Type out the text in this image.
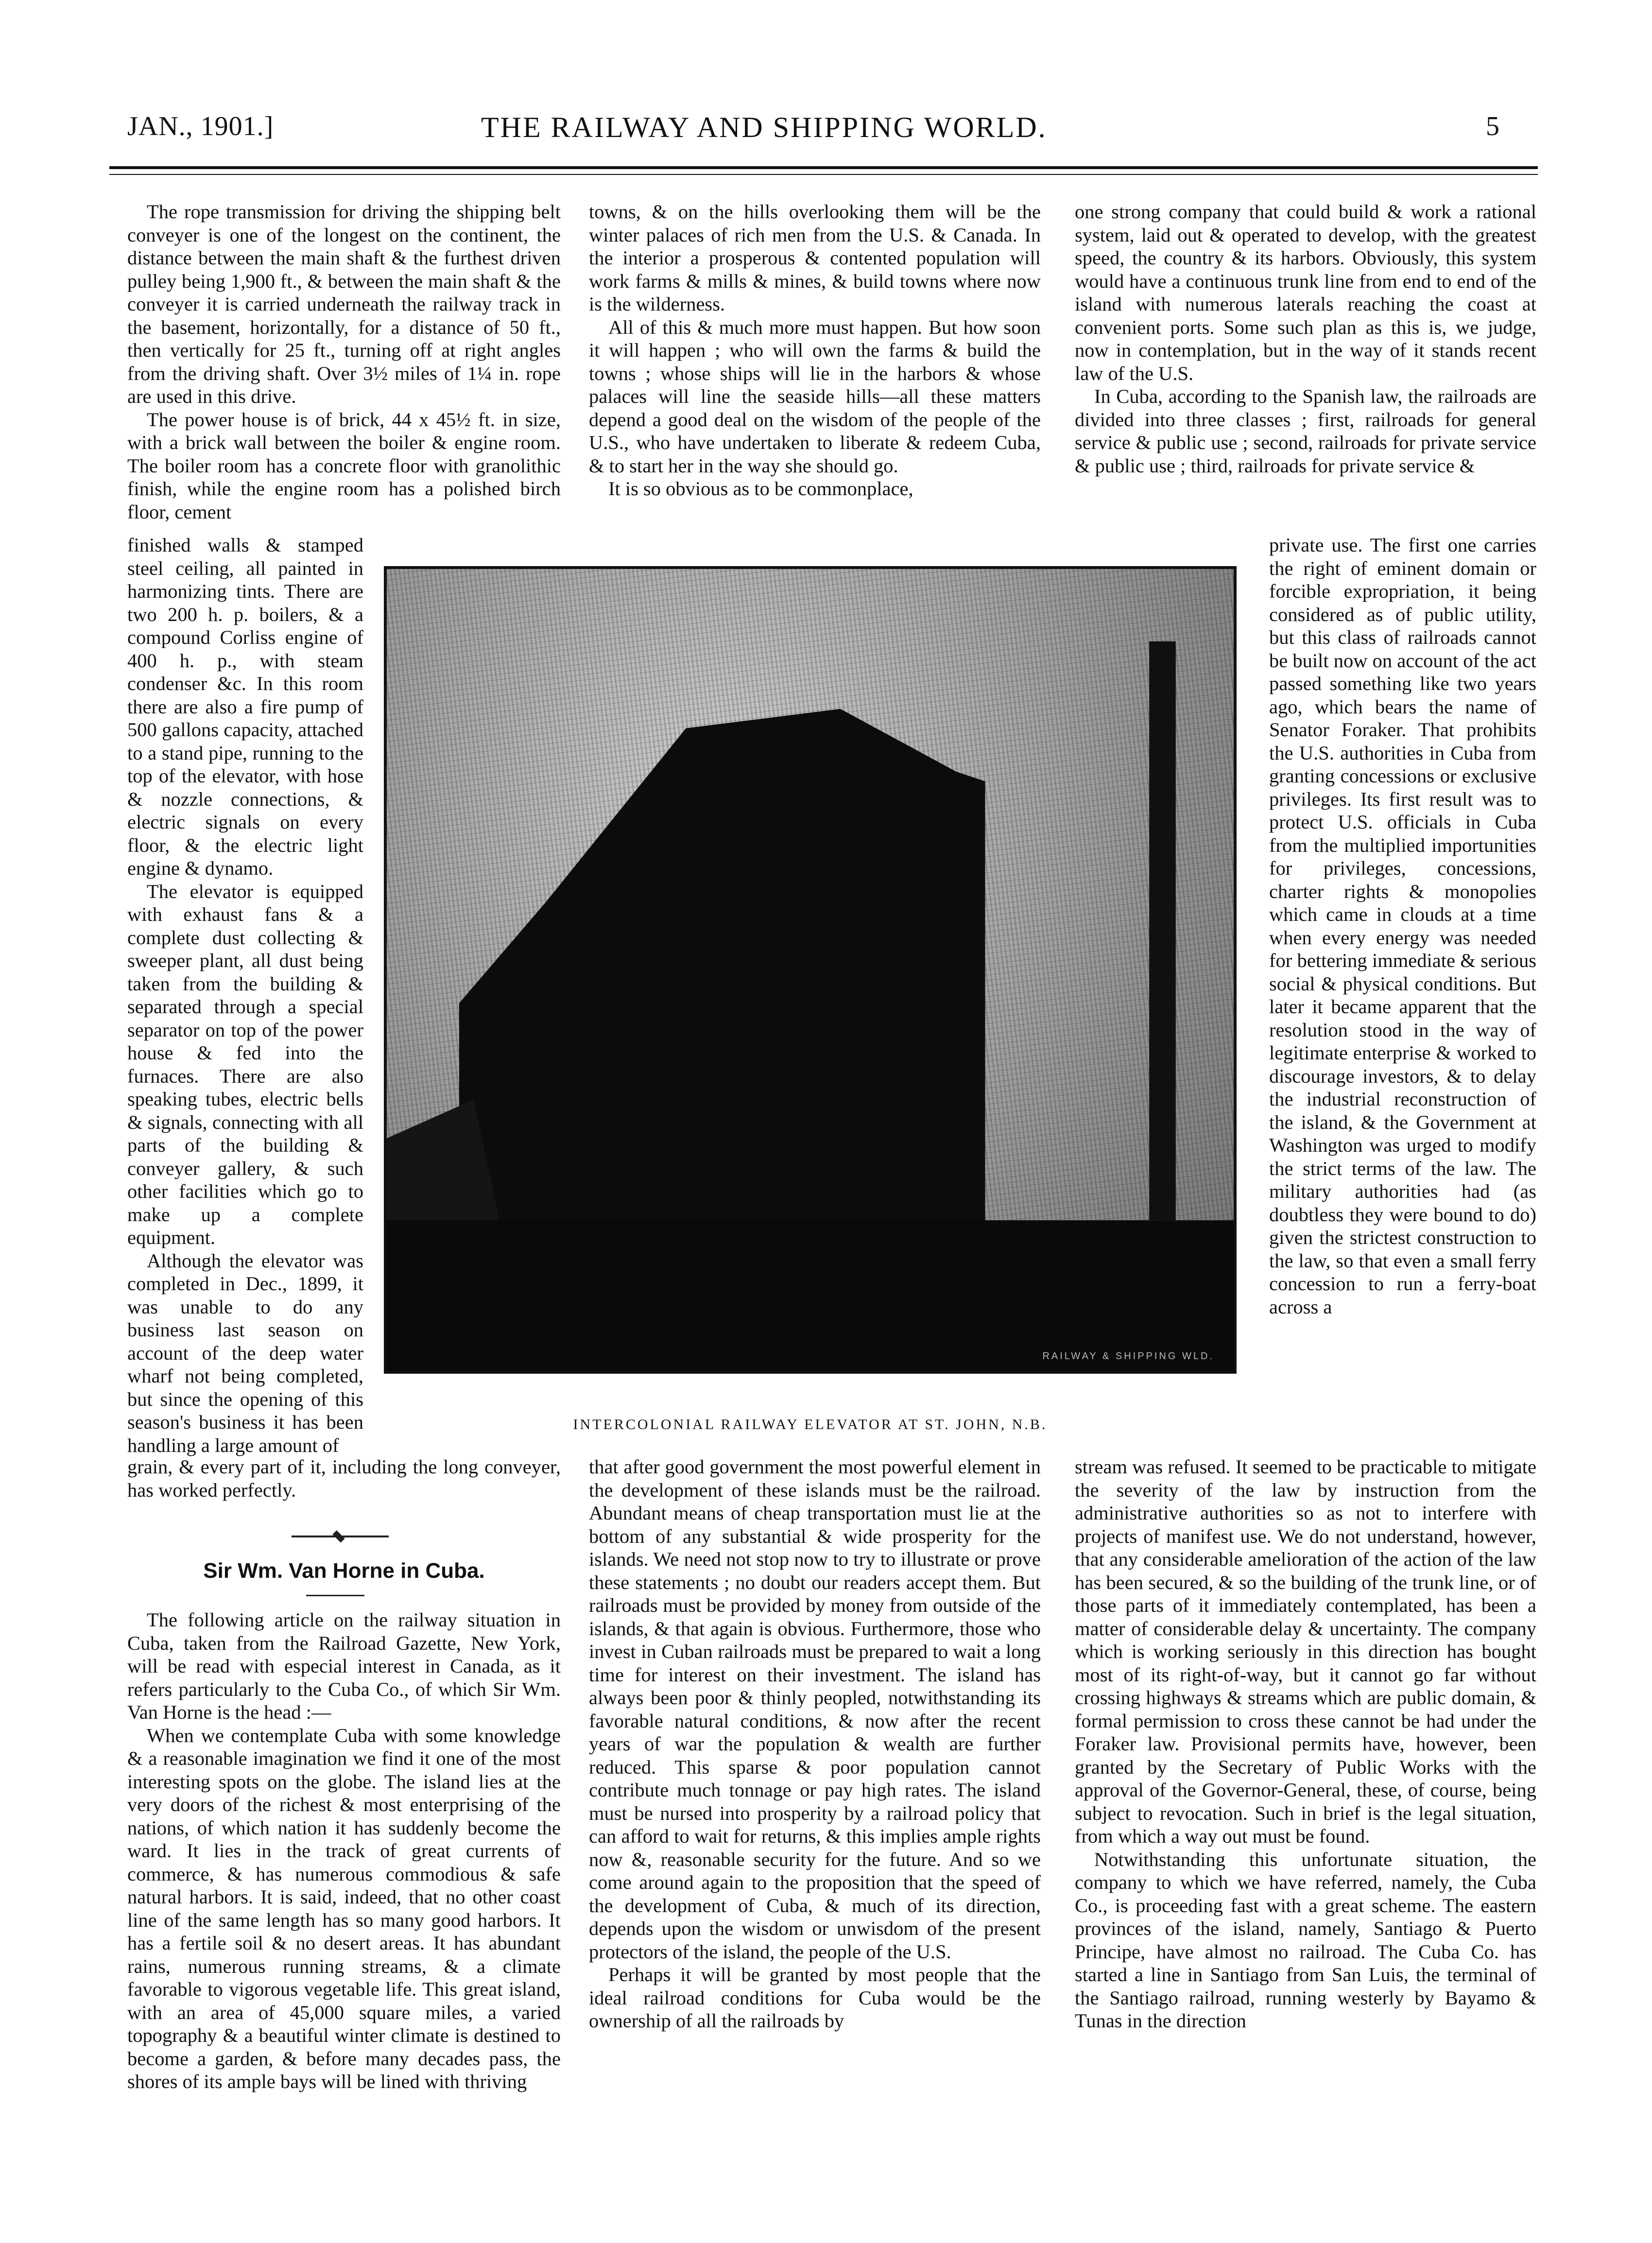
JAN., 1901.]	THE RAILWAY AND SHIPPING WORLD.	5

The rope transmission for driving the shipping belt conveyer is one of the longest on the continent, the distance between the main shaft & the furthest driven pulley being 1,900 ft., & between the main shaft & the conveyer it is carried underneath the railway track in the basement, horizontally, for a distance of 50 ft., then vertically for 25 ft., turning off at right angles from the driving shaft. Over 3½ miles of 1¼ in. rope are used in this drive.

The power house is of brick, 44 x 45½ ft. in size, with a brick wall between the boiler & engine room. The boiler room has a concrete floor with granolithic finish, while the engine room has a polished birch floor, cement

finished walls & stamped steel ceiling, all painted in harmonizing tints. There are two 200 h. p. boilers, & a compound Corliss engine of 400 h. p., with steam condenser &c. In this room there are also a fire pump of 500 gallons capacity, attached to a stand pipe, running to the top of the elevator, with hose & nozzle connections, & electric signals on every floor, & the electric light engine & dynamo.

The elevator is equipped with exhaust fans & a complete dust collecting & sweeper plant, all dust being taken from the building & separated through a special separator on top of the power house & fed into the furnaces. There are also speaking tubes, electric bells & signals, connecting with all parts of the building & conveyer gallery, & such other facilities which go to make up a complete equipment.

Although the elevator was completed in Dec., 1899, it was unable to do any business last season on account of the deep water wharf not being completed, but since the opening of this season's business it has been handling a large amount of

grain, & every part of it, including the long conveyer, has worked perfectly.

Sir Wm. Van Horne in Cuba.

The following article on the railway situation in Cuba, taken from the Railroad Gazette, New York, will be read with especial interest in Canada, as it refers particularly to the Cuba Co., of which Sir Wm. Van Horne is the head :—

When we contemplate Cuba with some knowledge & a reasonable imagination we find it one of the most interesting spots on the globe. The island lies at the very doors of the richest & most enterprising of the nations, of which nation it has suddenly become the ward. It lies in the track of great currents of commerce, & has numerous commodious & safe natural harbors. It is said, indeed, that no other coast line of the same length has so many good harbors. It has a fertile soil & no desert areas. It has abundant rains, numerous running streams, & a climate favorable to vigorous vegetable life. This great island, with an area of 45,000 square miles, a varied topography & a beautiful winter climate is destined to become a garden, & before many decades pass, the shores of its ample bays will be lined with thriving

towns, & on the hills overlooking them will be the winter palaces of rich men from the U.S. & Canada. In the interior a prosperous & contented population will work farms & mills & mines, & build towns where now is the wilderness.

All of this & much more must happen. But how soon it will happen ; who will own the farms & build the towns ; whose ships will lie in the harbors & whose palaces will line the seaside hills—all these matters depend a good deal on the wisdom of the people of the U.S., who have undertaken to liberate & redeem Cuba, & to start her in the way she should go.

It is so obvious as to be commonplace,

that after good government the most powerful element in the development of these islands must be the railroad. Abundant means of cheap transportation must lie at the bottom of any substantial & wide prosperity for the islands. We need not stop now to try to illustrate or prove these statements ; no doubt our readers accept them. But railroads must be provided by money from outside of the islands, & that again is obvious. Furthermore, those who invest in Cuban railroads must be prepared to wait a long time for interest on their investment. The island has always been poor & thinly peopled, notwithstanding its favorable natural conditions, & now after the recent years of war the population & wealth are further reduced. This sparse & poor population cannot contribute much tonnage or pay high rates. The island must be nursed into prosperity by a railroad policy that can afford to wait for returns, & this implies ample rights now &, reasonable security for the future. And so we come around again to the proposition that the speed of the development of Cuba, & much of its direction, depends upon the wisdom or unwisdom of the present protectors of the island, the people of the U.S.

Perhaps it will be granted by most people that the ideal railroad conditions for Cuba would be the ownership of all the railroads by

one strong company that could build & work a rational system, laid out & operated to develop, with the greatest speed, the country & its harbors. Obviously, this system would have a continuous trunk line from end to end of the island with numerous laterals reaching the coast at convenient ports. Some such plan as this is, we judge, now in contemplation, but in the way of it stands recent law of the U.S.

In Cuba, according to the Spanish law, the railroads are divided into three classes ; first, railroads for general service & public use ; second, railroads for private service & public use ; third, railroads for private service &

private use. The first one carries the right of eminent domain or forcible expropriation, it being considered as of public utility, but this class of railroads cannot be built now on account of the act passed something like two years ago, which bears the name of Senator Foraker. That prohibits the U.S. authorities in Cuba from granting concessions or exclusive privileges. Its first result was to protect U.S. officials in Cuba from the multiplied importunities for privileges, concessions, charter rights & monopolies which came in clouds at a time when every energy was needed for bettering immediate & serious social & physical conditions. But later it became apparent that the resolution stood in the way of legitimate enterprise & worked to discourage investors, & to delay the industrial reconstruction of the island, & the Government at Washington was urged to modify the strict terms of the law. The military authorities had (as doubtless they were bound to do) given the strictest construction to the law, so that even a small ferry concession to run a ferry-boat across a

stream was refused. It seemed to be practicable to mitigate the severity of the law by instruction from the administrative authorities so as not to interfere with projects of manifest use. We do not understand, however, that any considerable amelioration of the action of the law has been secured, & so the building of the trunk line, or of those parts of it immediately contemplated, has been a matter of considerable delay & uncertainty. The company which is working seriously in this direction has bought most of its right-of-way, but it cannot go far without crossing highways & streams which are public domain, & formal permission to cross these cannot be had under the Foraker law. Provisional permits have, however, been granted by the Secretary of Public Works with the approval of the Governor-General, these, of course, being subject to revocation. Such in brief is the legal situation, from which a way out must be found.

Notwithstanding this unfortunate situation, the company to which we have referred, namely, the Cuba Co., is proceeding fast with a great scheme. The eastern provinces of the island, namely, Santiago & Puerto Principe, have almost no railroad. The Cuba Co. has started a line in Santiago from San Luis, the terminal of the Santiago railroad, running westerly by Bayamo & Tunas in the direction

RAILWAY & SHIPPING WLD.
INTERCOLONIAL RAILWAY ELEVATOR AT ST. JOHN, N.B.
